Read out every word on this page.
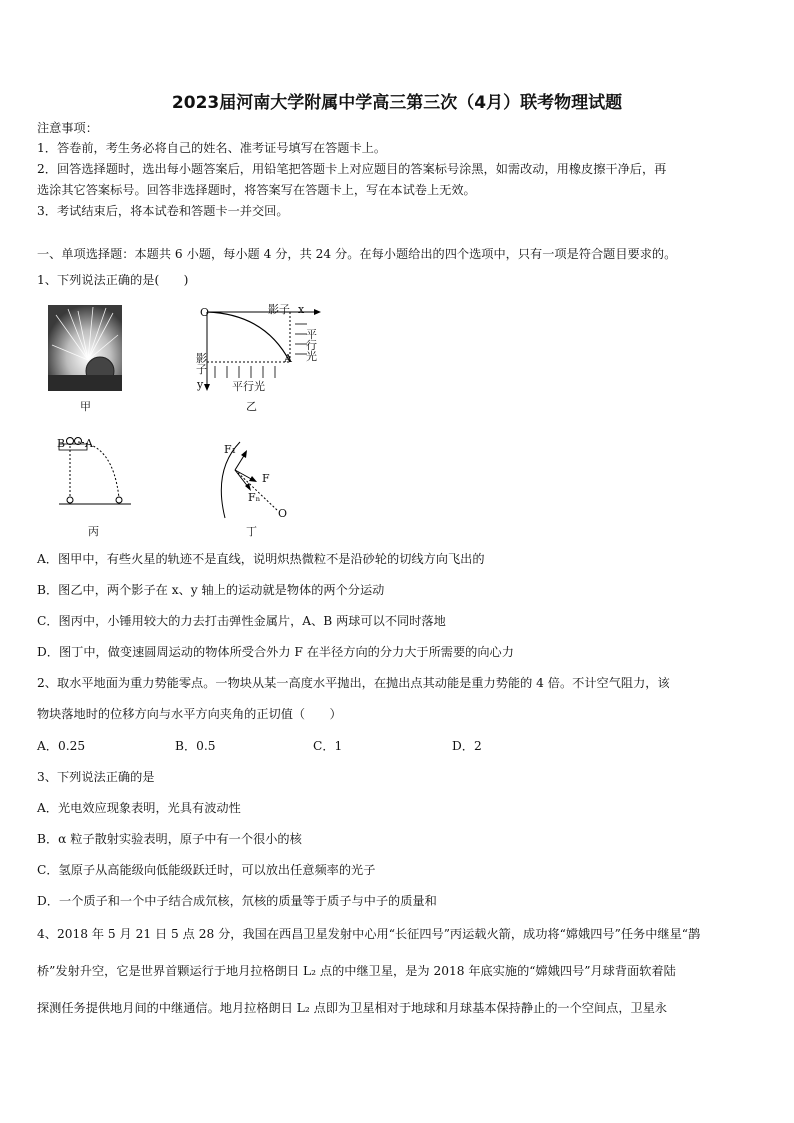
2023届河南大学附属中学高三第三次（4月）联考物理试题
注意事项：
1．答卷前，考生务必将自己的姓名、准考证号填写在答题卡上。
2．回答选择题时，选出每小题答案后，用铅笔把答题卡上对应题目的答案标号涂黑，如需改动，用橡皮擦干净后，再
选涂其它答案标号。回答非选择题时，将答案写在答题卡上，写在本试卷上无效。
3．考试结束后，将本试卷和答题卡一并交回。
一、单项选择题：本题共 6 小题，每小题 4 分，共 24 分。在每小题给出的四个选项中，只有一项是符合题目要求的。
1、下列说法正确的是(　　)
甲
O	影子 x
平
行
光
A
影
子
y	平行光
乙
B A
丙
F₁
F
Fₙ
O
丁
A．图甲中，有些火星的轨迹不是直线，说明炽热微粒不是沿砂轮的切线方向飞出的
B．图乙中，两个影子在 x、y 轴上的运动就是物体的两个分运动
C．图丙中，小锤用较大的力去打击弹性金属片，A、B 两球可以不同时落地
D．图丁中，做变速圆周运动的物体所受合外力 F 在半径方向的分力大于所需要的向心力
2、取水平地面为重力势能零点。一物块从某一高度水平抛出，在抛出点其动能是重力势能的 4 倍。不计空气阻力，该
物块落地时的位移方向与水平方向夹角的正切值（　　）
A．0.25	B．0.5	C．1	D．2
3、下列说法正确的是
A．光电效应现象表明，光具有波动性
B．α 粒子散射实验表明，原子中有一个很小的核
C．氢原子从高能级向低能级跃迁时，可以放出任意频率的光子
D．一个质子和一个中子结合成氘核，氘核的质量等于质子与中子的质量和
4、2018 年 5 月 21 日 5 点 28 分，我国在西昌卫星发射中心用“长征四号”丙运载火箭，成功将“嫦娥四号”任务中继星“鹊
桥”发射升空，它是世界首颗运行于地月拉格朗日 L₂ 点的中继卫星，是为 2018 年底实施的“嫦娥四号”月球背面软着陆
探测任务提供地月间的中继通信。地月拉格朗日 L₂ 点即为卫星相对于地球和月球基本保持静止的一个空间点，卫星永
